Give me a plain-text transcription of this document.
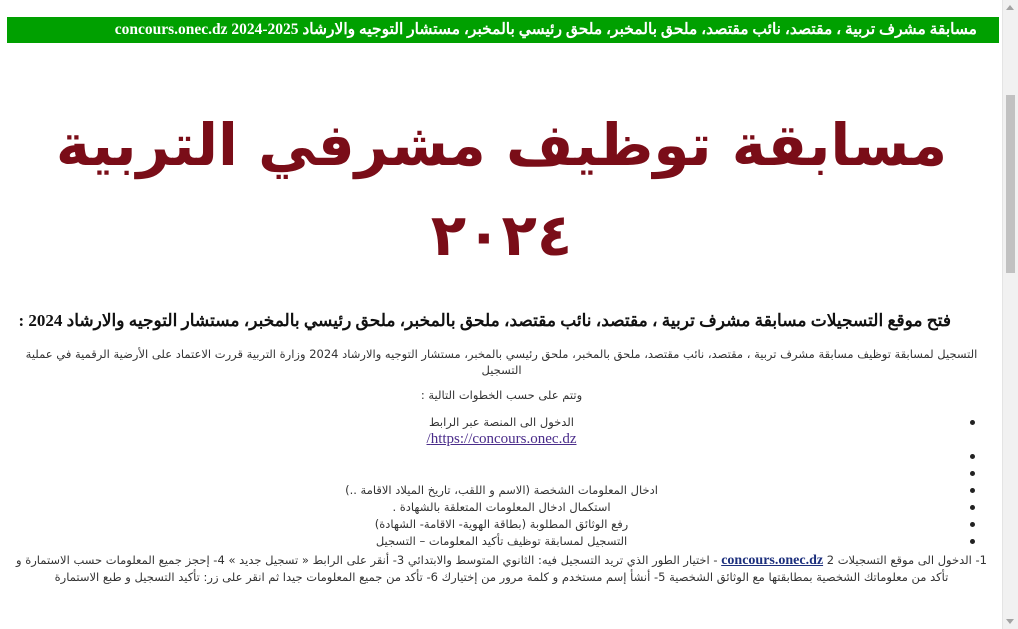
مسابقة مشرف تربية ، مقتصد، نائب مقتصد، ملحق بالمخبر، ملحق رئيسي بالمخبر، مستشار التوجيه والارشاد concours.onec.dz 2024-2025
مسابقة توظيف مشرفي التربية ٢٠٢٤
فتح موقع التسجيلات مسابقة مشرف تربية ، مقتصد، نائب مقتصد، ملحق بالمخبر، ملحق رئيسي بالمخبر، مستشار التوجيه والارشاد 2024 :
التسجيل لمسابقة توظيف مسابقة مشرف تربية ، مقتصد، نائب مقتصد، ملحق بالمخبر، ملحق رئيسي بالمخبر، مستشار التوجيه والارشاد 2024 وزارة التربية قررت الاعتماد على الأرضية الرقمية في عملية التسجيل
وتتم على حسب الخطوات التالية :
الدخول الى المنصة عبر الرابط
https://concours.onec.dz/
ادخال المعلومات الشخصة (الاسم و اللقب، تاريخ الميلاد الاقامة ..)
استكمال ادخال المعلومات المتعلقة بالشهادة .
رفع الوثائق المطلوبة (بطاقة الهوية- الاقامة- الشهادة)
التسجيل لمسابقة توظيف تأكيد المعلومات – التسجيل
1- الدخول الى موقع التسجيلات 2 concours.onec.dz - اختيار الطور الذي تريد التسجيل فيه: الثانوي المتوسط والابتدائي 3- أنقر على الرابط « تسجيل جديد » 4- إحجز جميع المعلومات حسب الاستمارة و تأكد من معلوماتك الشخصية بمطابقتها مع الوثائق الشخصية 5- أنشأ إسم مستخدم و كلمة مرور من إختيارك 6- تأكد من جميع المعلومات جيدا ثم انقر على زر: تأكيد التسجيل و طبع الاستمارة
